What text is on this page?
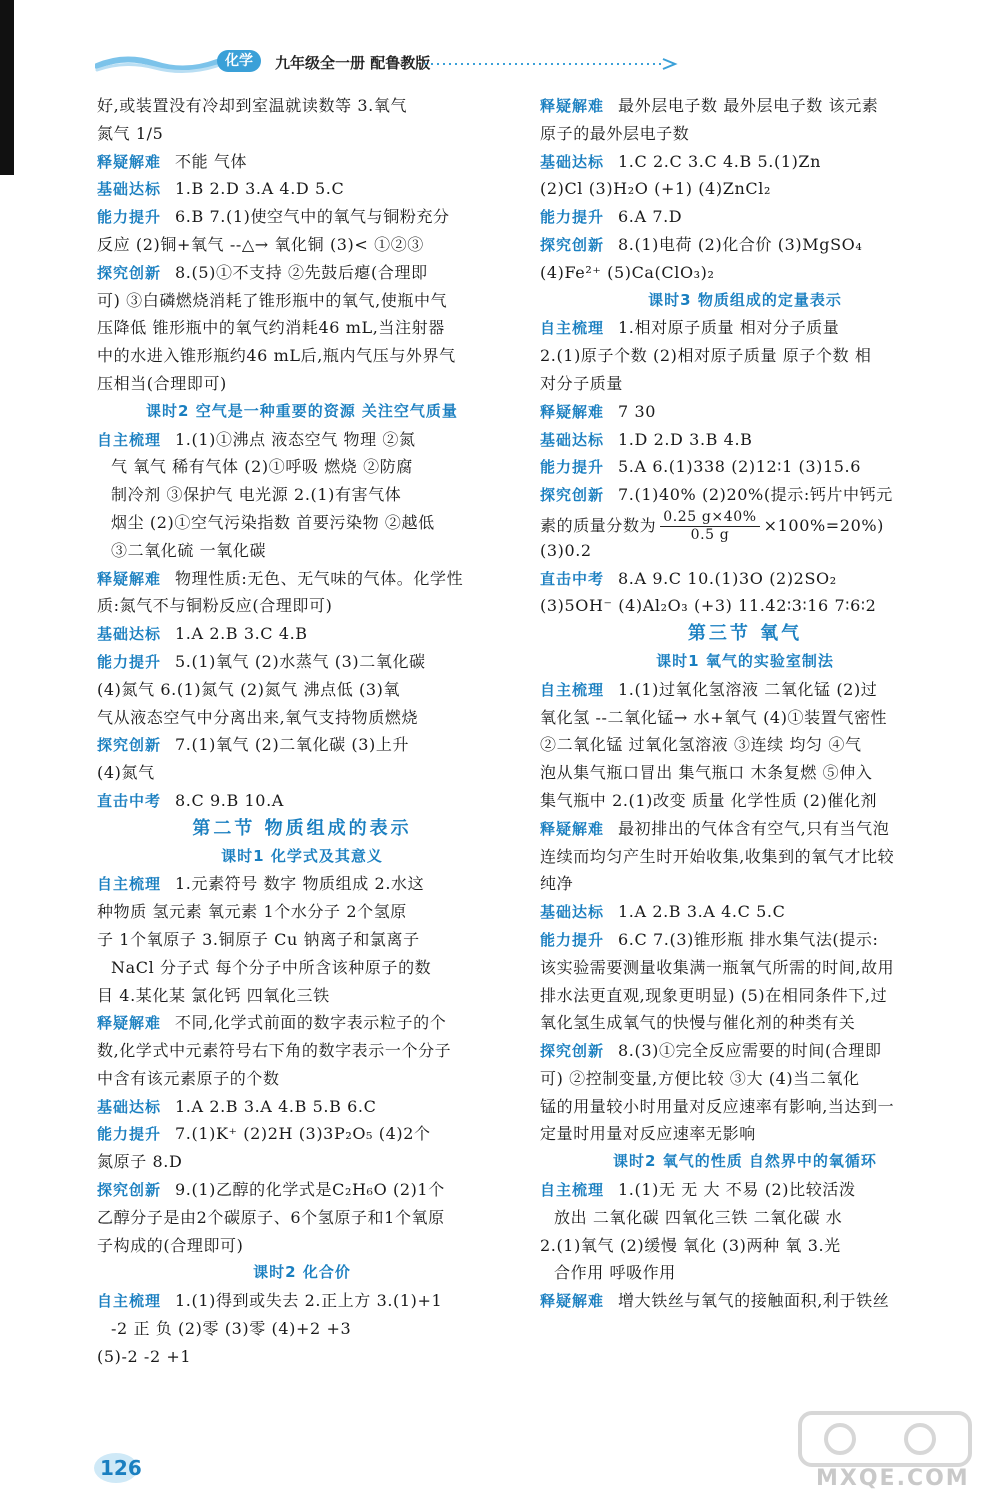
化学	九年级全一册 配鲁教版
好,或装置没有冷却到室温就读数等 3.氧气
氮气 1/5
释疑解难 不能 气体
基础达标 1.B 2.D 3.A 4.D 5.C
能力提升 6.B 7.(1)使空气中的氧气与铜粉充分
反应 (2)铜+氧气 --△→ 氧化铜 (3)< ①②③
探究创新 8.(5)①不支持 ②先鼓后瘪(合理即
可) ③白磷燃烧消耗了锥形瓶中的氧气,使瓶中气
压降低 锥形瓶中的氧气约消耗46 mL,当注射器
中的水进入锥形瓶约46 mL后,瓶内气压与外界气
压相当(合理即可)
课时2 空气是一种重要的资源 关注空气质量
自主梳理 1.(1)①沸点 液态空气 物理 ②氮
气 氧气 稀有气体 (2)①呼吸 燃烧 ②防腐
制冷剂 ③保护气 电光源 2.(1)有害气体
烟尘 (2)①空气污染指数 首要污染物 ②越低
③二氧化硫 一氧化碳
释疑解难 物理性质:无色、无气味的气体。化学性
质:氮气不与铜粉反应(合理即可)
基础达标 1.A 2.B 3.C 4.B
能力提升 5.(1)氧气 (2)水蒸气 (3)二氧化碳
(4)氮气 6.(1)氮气 (2)氮气 沸点低 (3)氧
气从液态空气中分离出来,氧气支持物质燃烧
探究创新 7.(1)氧气 (2)二氧化碳 (3)上升
(4)氮气
直击中考 8.C 9.B 10.A
第二节 物质组成的表示
课时1 化学式及其意义
自主梳理 1.元素符号 数字 物质组成 2.水这
种物质 氢元素 氧元素 1个水分子 2个氢原
子 1个氧原子 3.铜原子 Cu 钠离子和氯离子
NaCl 分子式 每个分子中所含该种原子的数
目 4.某化某 氯化钙 四氧化三铁
释疑解难 不同,化学式前面的数字表示粒子的个
数,化学式中元素符号右下角的数字表示一个分子
中含有该元素原子的个数
基础达标 1.A 2.B 3.A 4.B 5.B 6.C
能力提升 7.(1)K⁺ (2)2H (3)3P₂O₅ (4)2个
氮原子 8.D
探究创新 9.(1)乙醇的化学式是C₂H₆O (2)1个
乙醇分子是由2个碳原子、6个氢原子和1个氧原
子构成的(合理即可)
课时2 化合价
自主梳理 1.(1)得到或失去 2.正上方 3.(1)+1
-2 正 负 (2)零 (3)零 (4)+2 +3
(5)-2 -2 +1
释疑解难 最外层电子数 最外层电子数 该元素
原子的最外层电子数
基础达标 1.C 2.C 3.C 4.B 5.(1)Zn
(2)Cl (3)H₂O (+1) (4)ZnCl₂
能力提升 6.A 7.D
探究创新 8.(1)电荷 (2)化合价 (3)MgSO₄
(4)Fe²⁺ (5)Ca(ClO₃)₂
课时3 物质组成的定量表示
自主梳理 1.相对原子质量 相对分子质量
2.(1)原子个数 (2)相对原子质量 原子个数 相
对分子质量
释疑解难 7 30
基础达标 1.D 2.D 3.B 4.B
能力提升 5.A 6.(1)338 (2)12∶1 (3)15.6
探究创新 7.(1)40% (2)20%(提示:钙片中钙元
素的质量分数为 $\frac{0.25 g\times 40\%}{0.5 g} \times 100\%=20\%$)
(3)0.2
直击中考 8.A 9.C 10.(1)3O (2)2SO₂
(3)5OH⁻ (4)Al₂O₃ (+3) 11.42∶3∶16 7∶6∶2
第三节 氧气
课时1 氧气的实验室制法
自主梳理 1.(1)过氧化氢溶液 二氧化锰 (2)过
氧化氢 --二氧化锰→ 水+氧气 (4)①装置气密性
②二氧化锰 过氧化氢溶液 ③连续 均匀 ④气
泡从集气瓶口冒出 集气瓶口 木条复燃 ⑤伸入
集气瓶中 2.(1)改变 质量 化学性质 (2)催化剂
释疑解难 最初排出的气体含有空气,只有当气泡
连续而均匀产生时开始收集,收集到的氧气才比较
纯净
基础达标 1.A 2.B 3.A 4.C 5.C
能力提升 6.C 7.(3)锥形瓶 排水集气法(提示:
该实验需要测量收集满一瓶氧气所需的时间,故用
排水法更直观,现象更明显) (5)在相同条件下,过
氧化氢生成氧气的快慢与催化剂的种类有关
探究创新 8.(3)①完全反应需要的时间(合理即
可) ②控制变量,方便比较 ③大 (4)当二氧化
锰的用量较小时用量对反应速率有影响,当达到一
定量时用量对反应速率无影响
课时2 氧气的性质 自然界中的氧循环
自主梳理 1.(1)无 无 大 不易 (2)比较活泼
放出 二氧化碳 四氧化三铁 二氧化碳 水
2.(1)氧气 (2)缓慢 氧化 (3)两种 氧 3.光
合作用 呼吸作用
释疑解难 增大铁丝与氧气的接触面积,利于铁丝
126	MXQE.COM
